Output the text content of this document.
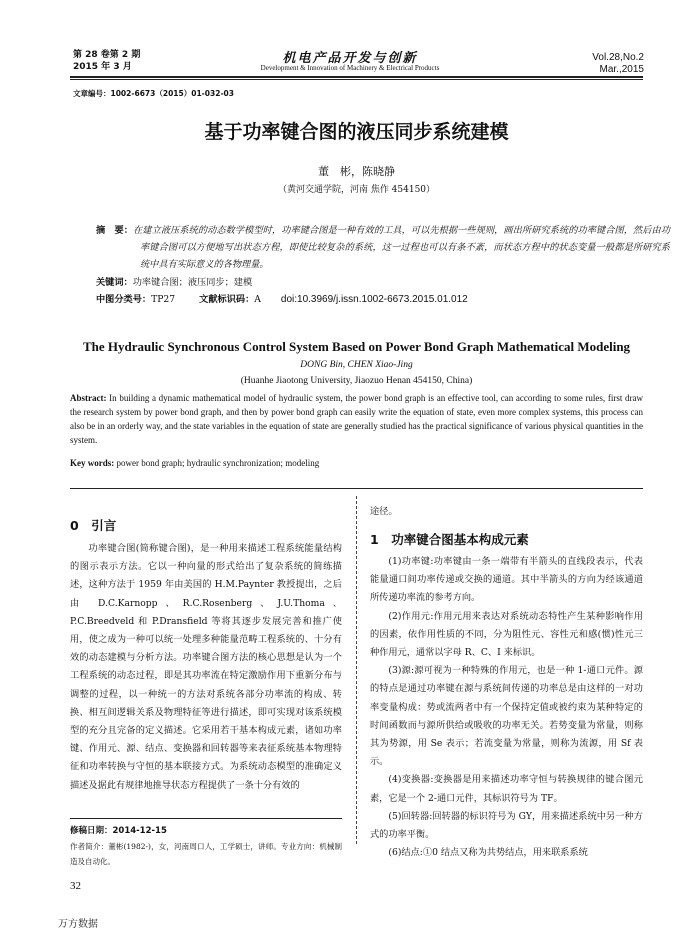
第 28 卷第 2 期
2015 年 3 月
机电产品开发与创新
Development & Innovation of Machinery & Electrical Products
Vol.28,No.2
Mar.,2015
文章编号：1002-6673（2015）01-032-03
基于功率键合图的液压同步系统建模
董　彬，陈晓静
（黄河交通学院，河南 焦作 454150）
摘　要：在建立液压系统的动态数学模型时，功率键合图是一种有效的工具，可以先根据一些规则，画出所研究系统的功率键合图，然后由功率键合图可以方便地写出状态方程，即使比较复杂的系统，这一过程也可以有条不紊，而状态方程中的状态变量一般都是所研究系统中具有实际意义的各物理量。
关键词：功率键合图；液压同步；建模
中图分类号：TP27	文献标识码：A doi:10.3969/j.issn.1002-6673.2015.01.012
The Hydraulic Synchronous Control System Based on Power Bond Graph Mathematical Modeling
DONG Bin, CHEN Xiao-Jing
(Huanhe Jiaotong University, Jiaozuo Henan 454150, China)
Abstract: In building a dynamic mathematical model of hydraulic system, the power bond graph is an effective tool, can according to some rules, first draw the research system by power bond graph, and then by power bond graph can easily write the equation of state, even more complex systems, this process can also be in an orderly way, and the state variables in the equation of state are generally studied has the practical significance of various physical quantities in the system.
Key words: power bond graph; hydraulic synchronization; modeling
0　引言

功率键合图(简称键合图)，是一种用来描述工程系统能量结构的图示表示方法。它以一种向量的形式给出了复杂系统的简练描述，这种方法于 1959 年由美国的 H.M.Paynter 教授提出，之后由 D.C.Karnopp、R.C.Rosenberg、J.U.Thoma、P.C.Breedveld 和 P.Dransfield 等将其逐步发展完善和推广使用，使之成为一种可以统一处理多种能量范畴工程系统的、十分有效的动态建模与分析方法。功率键合图方法的核心思想是认为一个工程系统的动态过程，即是其功率流在特定激励作用下重新分布与调整的过程，以一种统一的方法对系统各部分功率流的构成、转换、相互间逻辑关系及物理特征等进行描述，即可实现对该系统模型的充分且完备的定义描述。它采用若干基本构成元素，诸如功率键、作用元、源、结点、变换器和回转器等来表征系统基本物理特征和功率转换与守恒的基本联接方式。为系统动态模型的准确定义描述及据此有规律地推导状态方程提供了一条十分有效的

修稿日期：2014-12-15
作者简介：董彬(1982-)，女，河南周口人，工学硕士，讲师。专业方向：机械制造及自动化。

途径。

1　功率键合图基本构成元素

(1)功率键:功率键由一条一端带有半箭头的直线段表示，代表能量通口间功率传递或交换的通道。其中半箭头的方向为经该通道所传递功率流的参考方向。

(2)作用元:作用元用来表达对系统动态特性产生某种影响作用的因素，依作用性质的不同，分为阻性元、容性元和感(惯)性元三种作用元，通常以字母 R、C、I 来标识。

(3)源:源可视为一种特殊的作用元，也是一种 1-通口元件。源的特点是通过功率键在源与系统间传递的功率总是由这样的一对功率变量构成：势或流两者中有一个保持定值或被约束为某种特定的时间函数而与源所供给或吸收的功率无关。若势变量为常量，则称其为势源，用 Se 表示；若流变量为常量，则称为流源，用 Sf 表示。

(4)变换器:变换器是用来描述功率守恒与转换规律的键合图元素，它是一个 2-通口元件，其标识符号为 TF。

(5)回转器:回转器的标识符号为 GY，用来描述系统中另一种方式的功率平衡。

(6)结点:①0 结点又称为共势结点，用来联系系统

32
万方数据
